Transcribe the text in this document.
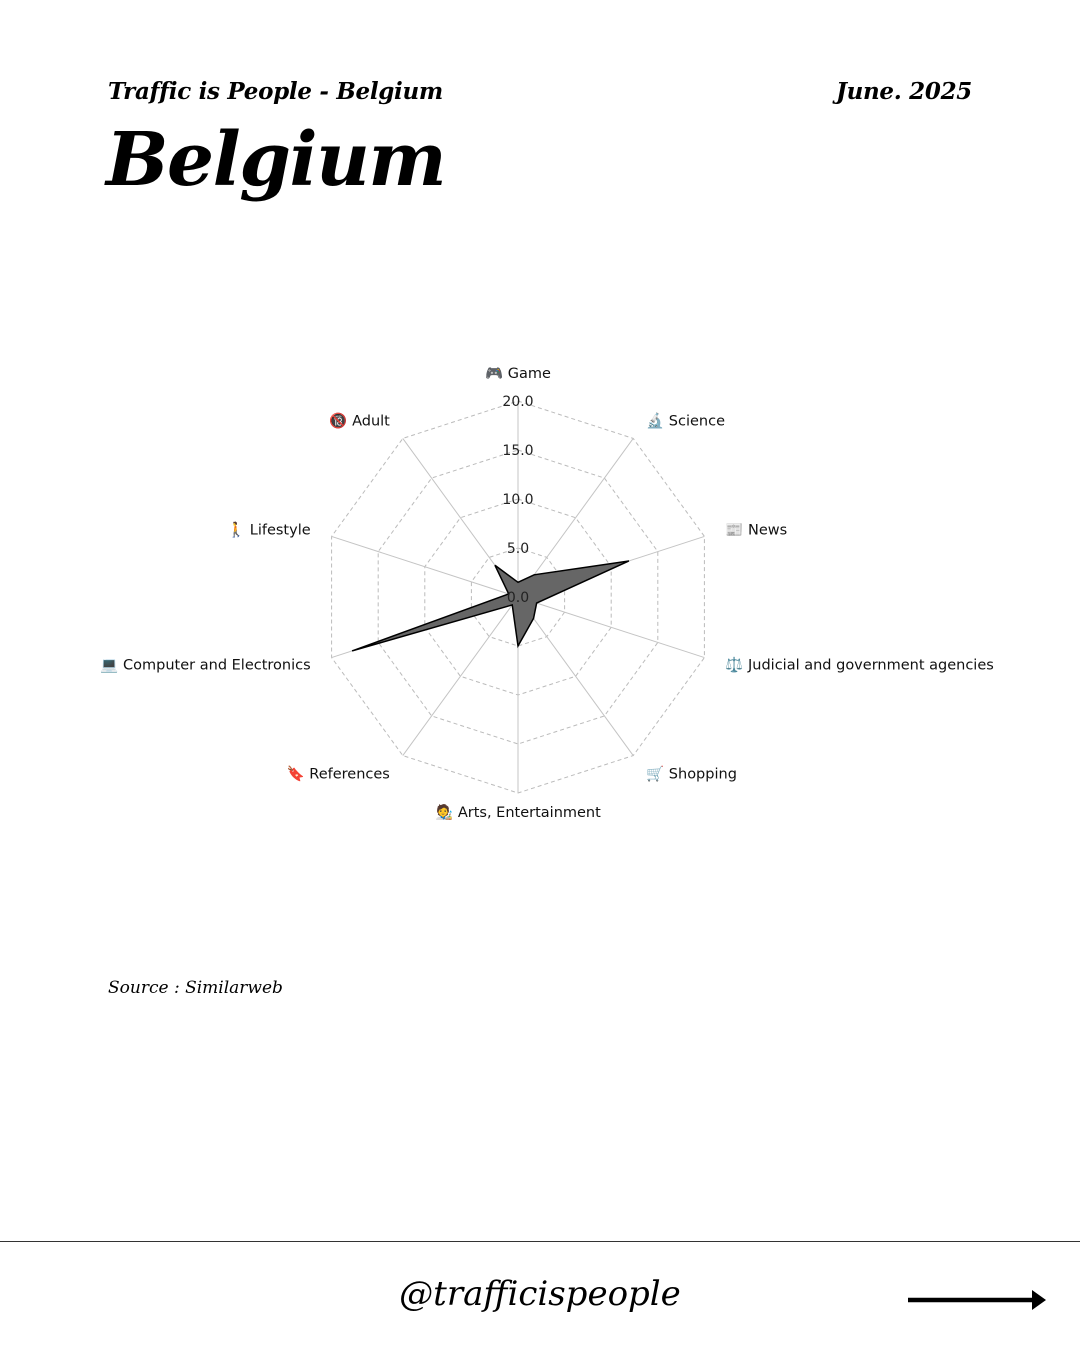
Traffic is People - Belgium	June. 2025
Belgium
0.0
5.0
10.0
15.0
20.0
🎮 Game
🔬 Science
📰 News
⚖️ Judicial and government agencies
🛒 Shopping
🧑‍🎨 Arts, Entertainment
🔖 References
💻 Computer and Electronics
🚶 Lifestyle
🔞 Adult
Source : Similarweb
@trafficispeople
